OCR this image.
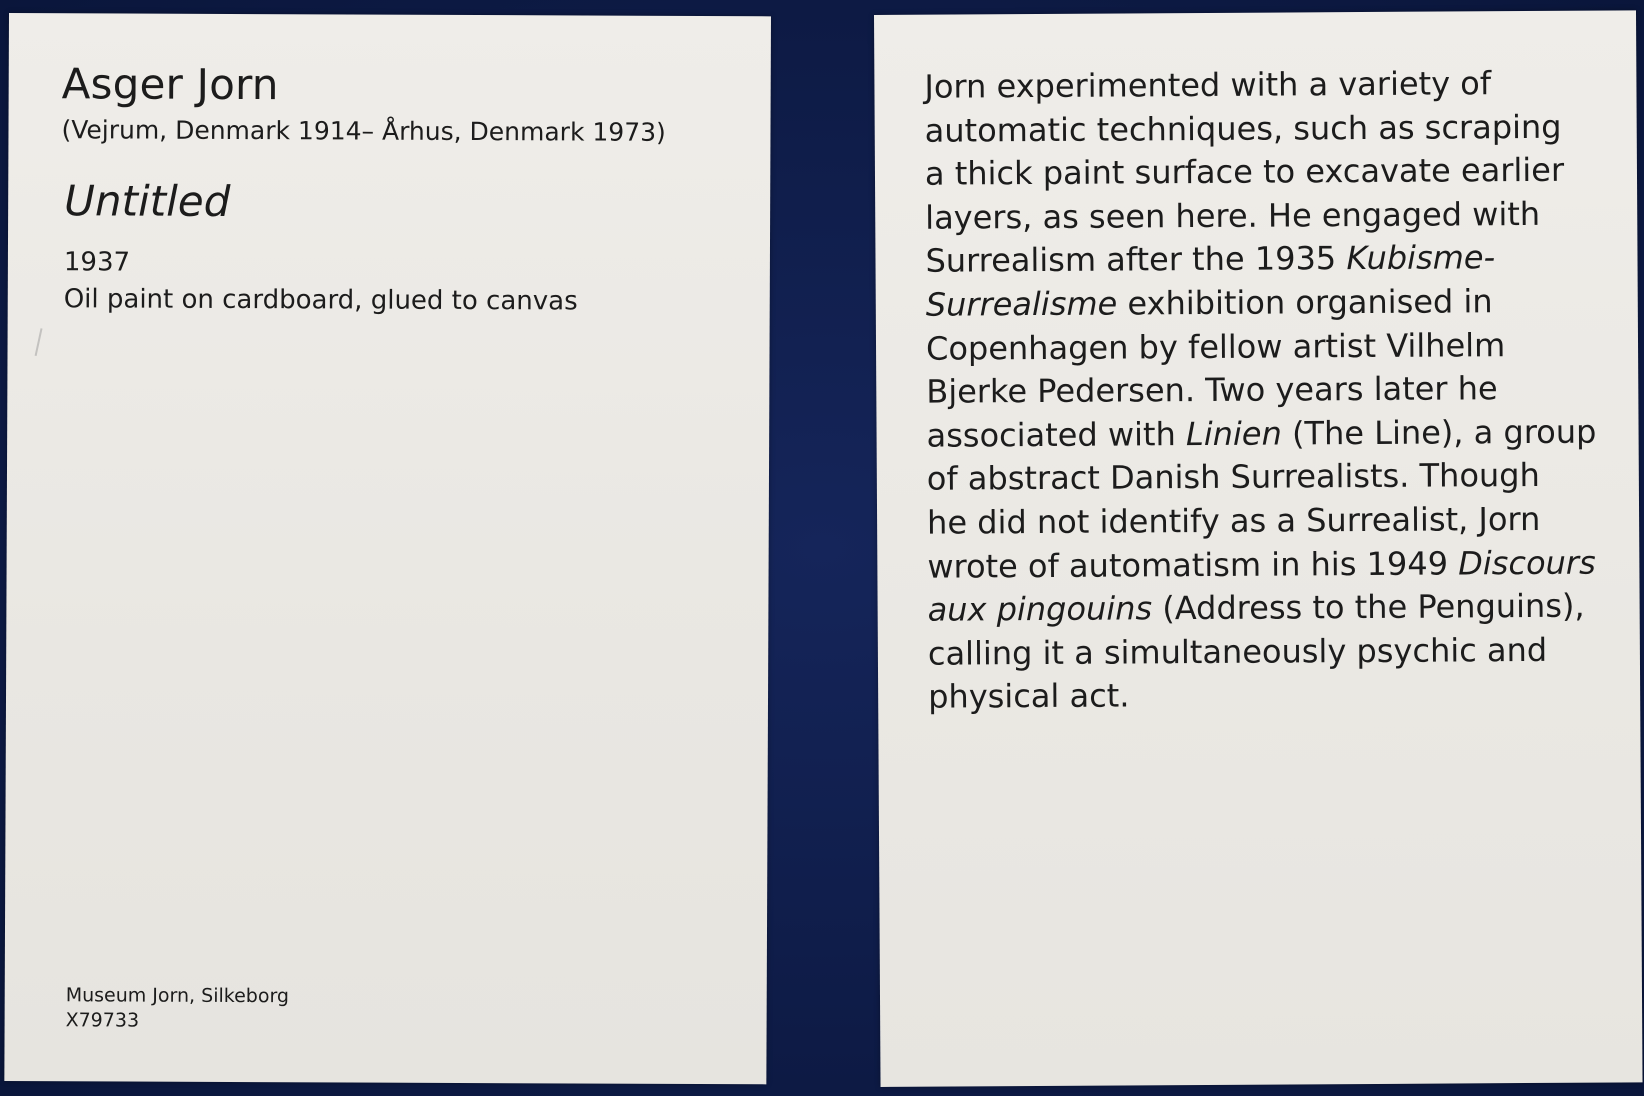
Asger Jorn
(Vejrum, Denmark 1914– Århus, Denmark 1973)
Untitled
1937
Oil paint on cardboard, glued to canvas
Museum Jorn, Silkeborg
X79733
Jorn experimented with a variety of
automatic techniques, such as scraping
a thick paint surface to excavate earlier
layers, as seen here. He engaged with
Surrealism after the 1935 Kubisme-
Surrealisme exhibition organised in
Copenhagen by fellow artist Vilhelm
Bjerke Pedersen. Two years later he
associated with Linien (The Line), a group
of abstract Danish Surrealists. Though
he did not identify as a Surrealist, Jorn
wrote of automatism in his 1949 Discours
aux pingouins (Address to the Penguins),
calling it a simultaneously psychic and
physical act.
